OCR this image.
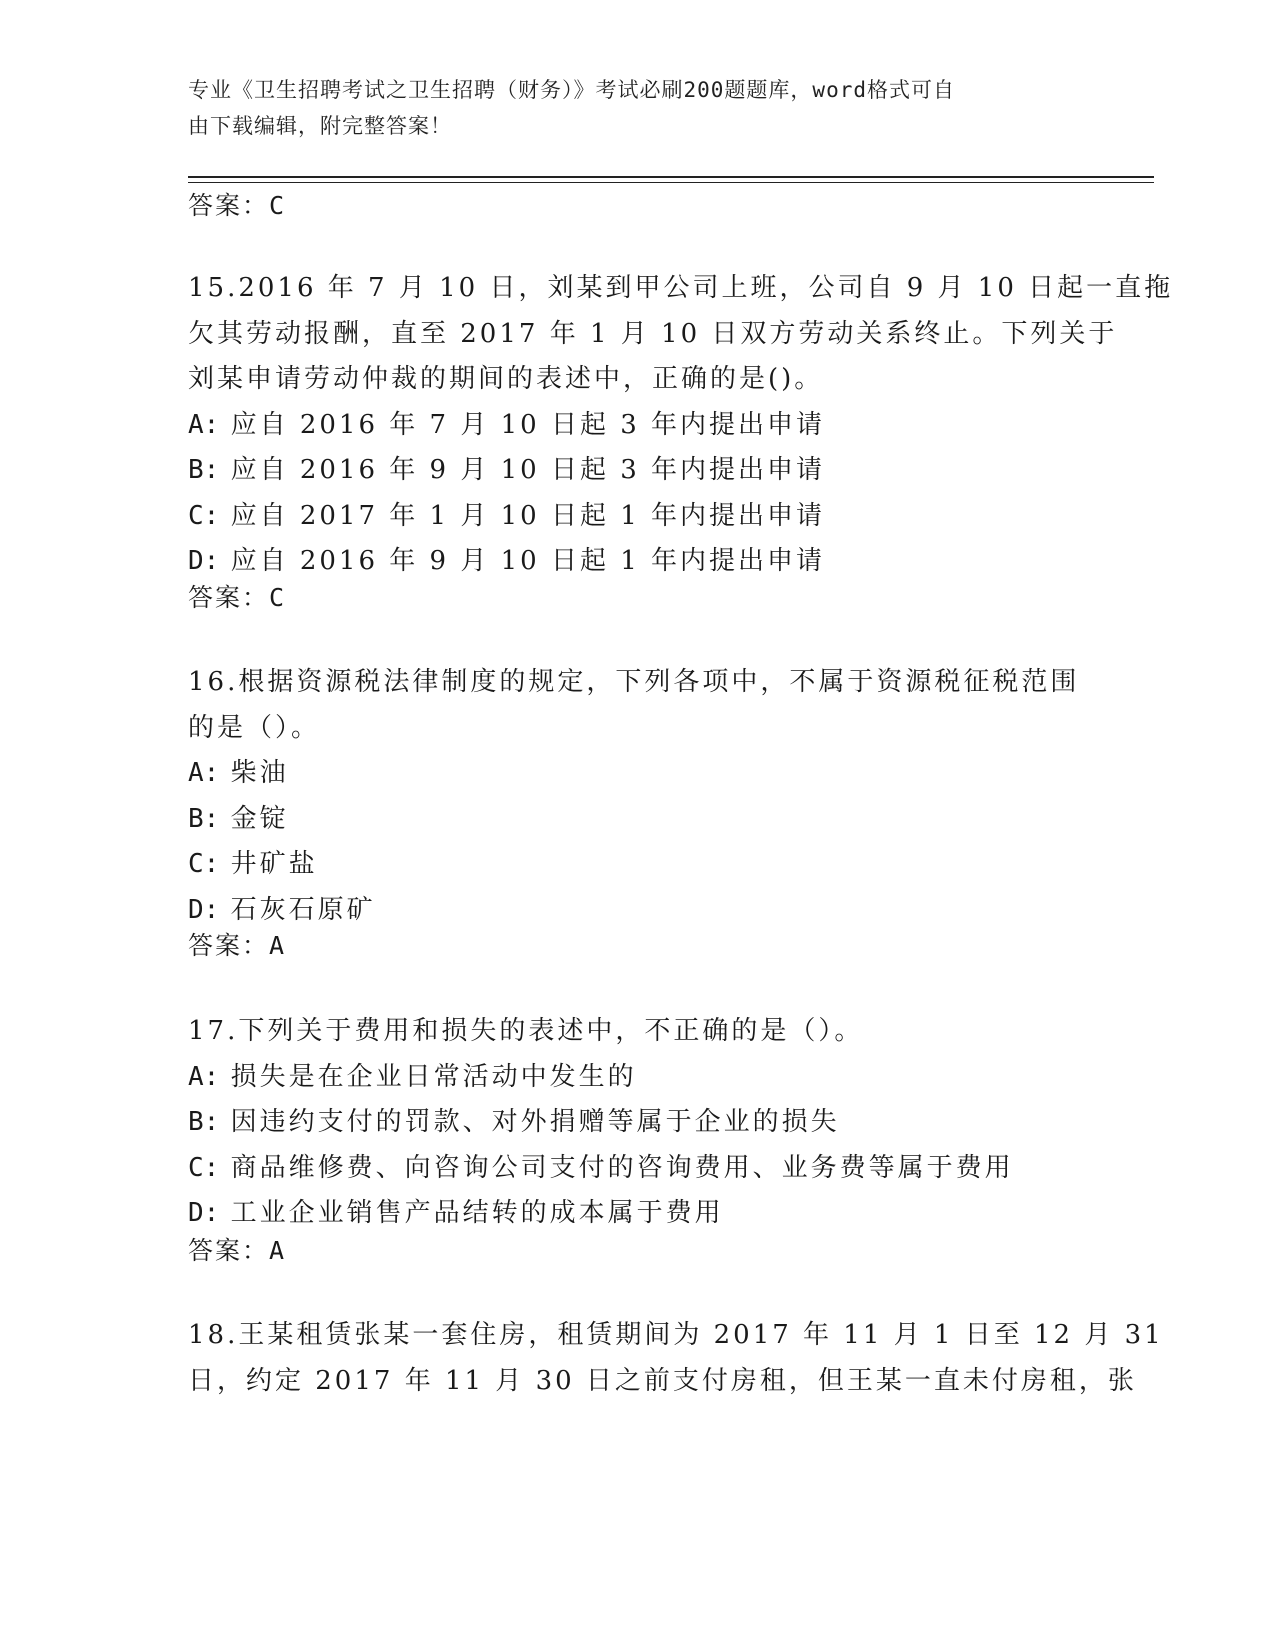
专业《卫生招聘考试之卫生招聘（财务）》考试必刷200题题库，word格式可自
由下载编辑，附完整答案！
答案：C
15.2016 年 7 月 10 日，刘某到甲公司上班，公司自 9 月 10 日起一直拖
欠其劳动报酬，直至 2017 年 1 月 10 日双方劳动关系终止。下列关于
刘某申请劳动仲裁的期间的表述中，正确的是()。
A: 应自 2016 年 7 月 10 日起 3 年内提出申请
B: 应自 2016 年 9 月 10 日起 3 年内提出申请
C: 应自 2017 年 1 月 10 日起 1 年内提出申请
D: 应自 2016 年 9 月 10 日起 1 年内提出申请
答案：C
16.根据资源税法律制度的规定，下列各项中，不属于资源税征税范围
的是（）。
A: 柴油
B: 金锭
C: 井矿盐
D: 石灰石原矿
答案：A
17.下列关于费用和损失的表述中，不正确的是（）。
A: 损失是在企业日常活动中发生的
B: 因违约支付的罚款、对外捐赠等属于企业的损失
C: 商品维修费、向咨询公司支付的咨询费用、业务费等属于费用
D: 工业企业销售产品结转的成本属于费用
答案：A
18.王某租赁张某一套住房，租赁期间为 2017 年 11 月 1 日至 12 月 31
日，约定 2017 年 11 月 30 日之前支付房租，但王某一直未付房租，张
